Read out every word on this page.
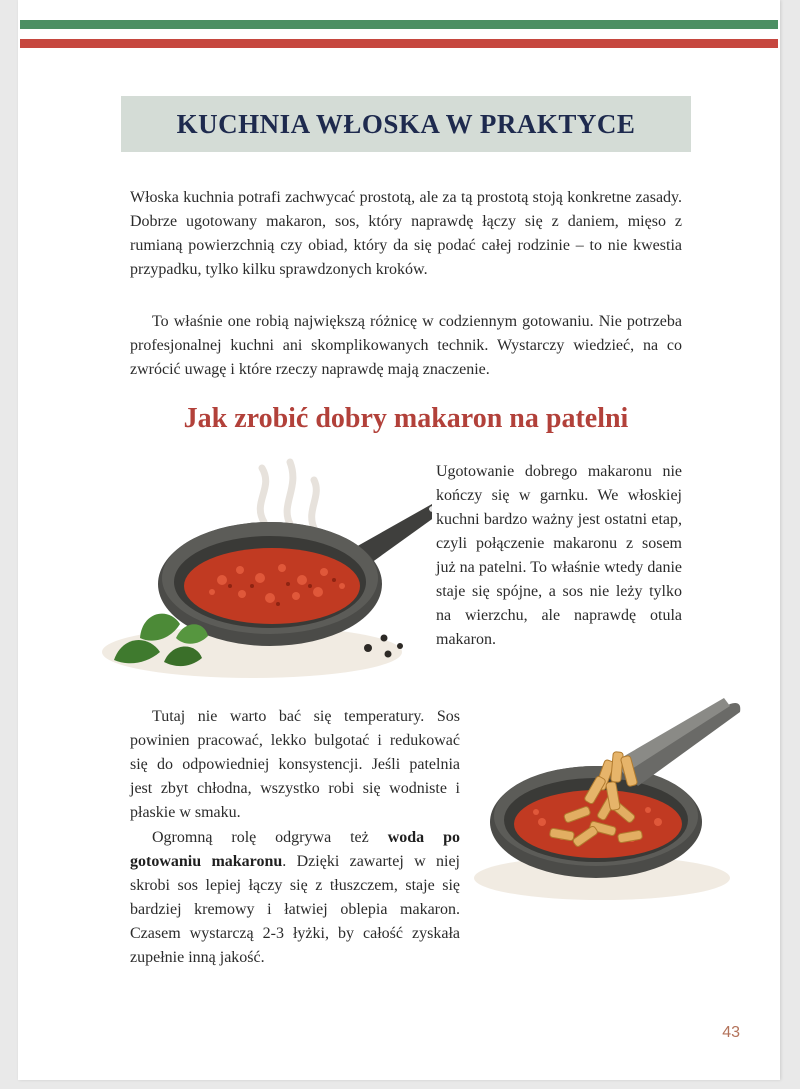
KUCHNIA WŁOSKA W PRAKTYCE

Włoska kuchnia potrafi zachwycać prostotą, ale za tą prostotą stoją konkretne zasady. Dobrze ugotowany makaron, sos, który naprawdę łączy się z daniem, mięso z rumianą powierzchnią czy obiad, który da się podać całej rodzinie – to nie kwestia przypadku, tylko kilku sprawdzonych kroków.

To właśnie one robią największą różnicę w codziennym gotowaniu. Nie potrzeba profesjonalnej kuchni ani skomplikowanych technik. Wystarczy wiedzieć, na co zwrócić uwagę i które rzeczy naprawdę mają znaczenie.

Jak zrobić dobry makaron na patelni

Ugotowanie dobrego makaronu nie kończy się w garnku. We włoskiej kuchni bardzo ważny jest ostatni etap, czyli połączenie makaronu z sosem już na patelni. To właśnie wtedy danie staje się spójne, a sos nie leży tylko na wierzchu, ale naprawdę otula makaron.

Tutaj nie warto bać się temperatury. Sos powinien pracować, lekko bulgotać i redukować się do odpowiedniej konsystencji. Jeśli patelnia jest zbyt chłodna, wszystko robi się wodniste i płaskie w smaku.

Ogromną rolę odgrywa też woda po gotowaniu makaronu. Dzięki zawartej w niej skrobi sos lepiej łączy się z tłuszczem, staje się bardziej kremowy i łatwiej oblepia makaron. Czasem wystarczą 2-3 łyżki, by całość zyskała zupełnie inną jakość.

43
